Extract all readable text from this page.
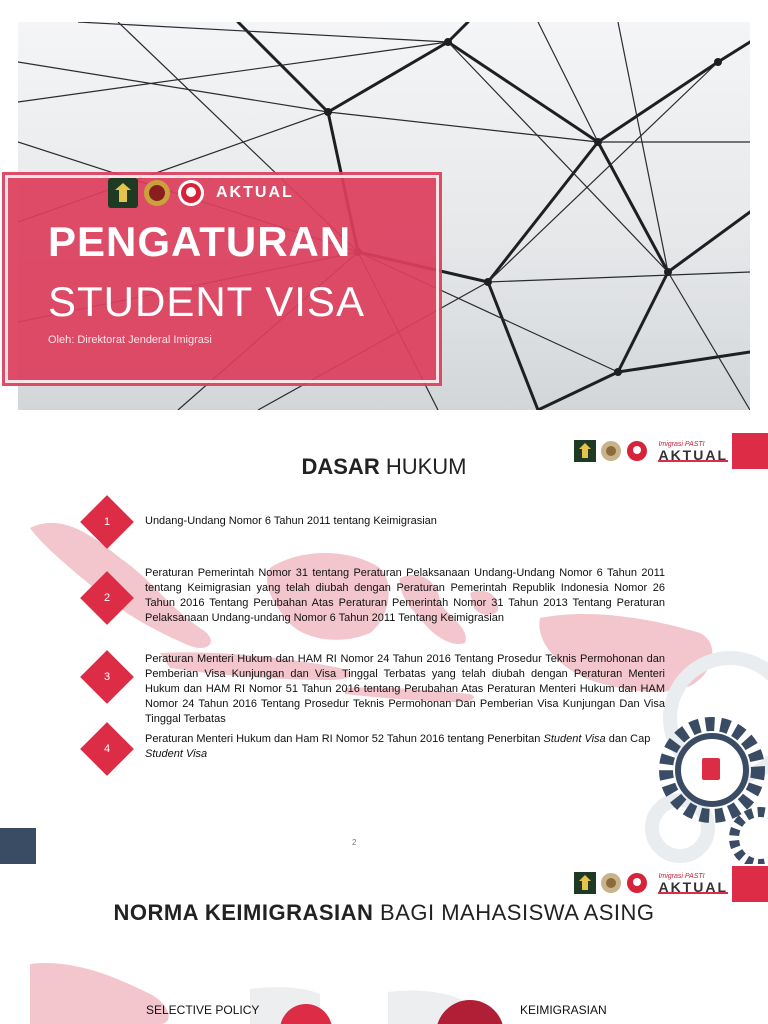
AKTUAL
PENGATURAN
STUDENT VISA
Oleh: Direktorat Jenderal Imigrasi
Imigrasi PASTI
AKTUAL
DASAR HUKUM
1	Undang-Undang Nomor 6 Tahun 2011 tentang Keimigrasian
2
Peraturan Pemerintah Nomor 31 tentang Peraturan Pelaksanaan Undang-Undang Nomor 6 Tahun 2011 tentang Keimigrasian yang telah diubah dengan Peraturan Pemerintah Republik Indonesia Nomor 26 Tahun 2016 Tentang Perubahan Atas Peraturan Pemerintah Nomor 31 Tahun 2013 Tentang Peraturan Pelaksanaan Undang-undang Nomor 6 Tahun 2011 Tentang Keimigrasian
3
Peraturan Menteri Hukum dan HAM RI Nomor 24 Tahun 2016 Tentang Prosedur Teknis Permohonan dan Pemberian Visa Kunjungan dan Visa Tinggal Terbatas yang telah diubah dengan Peraturan Menteri Hukum dan HAM RI Nomor 51 Tahun 2016 tentang Perubahan Atas Peraturan Menteri Hukum dan HAM Nomor 24 Tahun 2016 Tentang Prosedur Teknis Permohonan Dan Pemberian Visa Kunjungan Dan Visa Tinggal Terbatas
4
Peraturan Menteri Hukum dan Ham RI Nomor 52 Tahun 2016 tentang Penerbitan Student Visa dan Cap
Student Visa
2
Imigrasi PASTI
AKTUAL
NORMA KEIMIGRASIAN BAGI MAHASISWA ASING
SELECTIVE POLICY	KEIMIGRASIAN
